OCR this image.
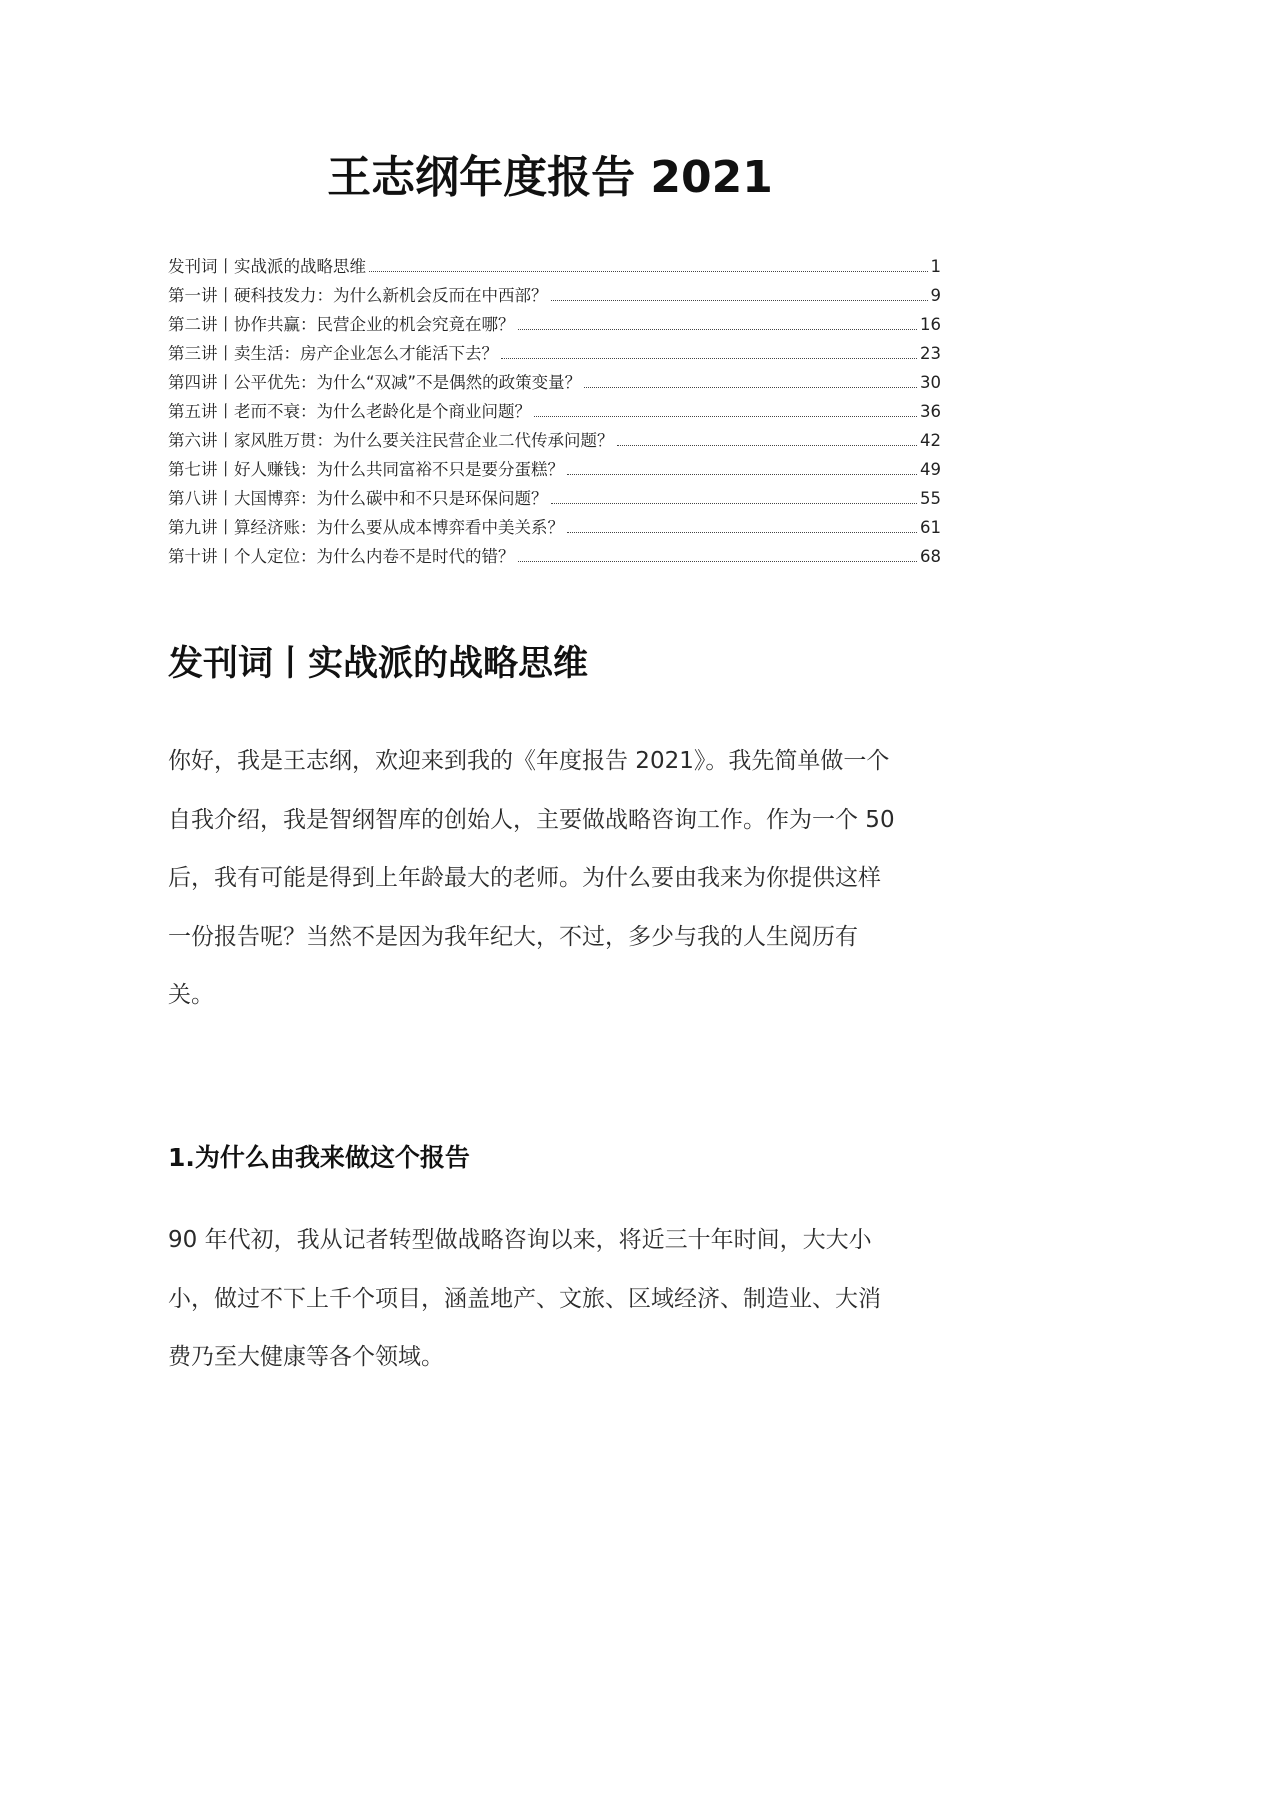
王志纲年度报告 2021
发刊词丨实战派的战略思维	1
第一讲丨硬科技发力：为什么新机会反而在中西部？	9
第二讲丨协作共赢：民营企业的机会究竟在哪？	16
第三讲丨卖生活：房产企业怎么才能活下去？	23
第四讲丨公平优先：为什么“双减”不是偶然的政策变量？	30
第五讲丨老而不衰：为什么老龄化是个商业问题？	36
第六讲丨家风胜万贯：为什么要关注民营企业二代传承问题？	42
第七讲丨好人赚钱：为什么共同富裕不只是要分蛋糕？	49
第八讲丨大国博弈：为什么碳中和不只是环保问题？	55
第九讲丨算经济账：为什么要从成本博弈看中美关系？	61
第十讲丨个人定位：为什么内卷不是时代的错？	68
发刊词丨实战派的战略思维

你好，我是王志纲，欢迎来到我的《年度报告 2021》。我先简单做一个
自我介绍，我是智纲智库的创始人，主要做战略咨询工作。作为一个 50
后，我有可能是得到上年龄最大的老师。为什么要由我来为你提供这样
一份报告呢？当然不是因为我年纪大，不过，多少与我的人生阅历有
关。

1.为什么由我来做这个报告

90 年代初，我从记者转型做战略咨询以来，将近三十年时间，大大小
小，做过不下上千个项目，涵盖地产、文旅、区域经济、制造业、大消
费乃至大健康等各个领域。
